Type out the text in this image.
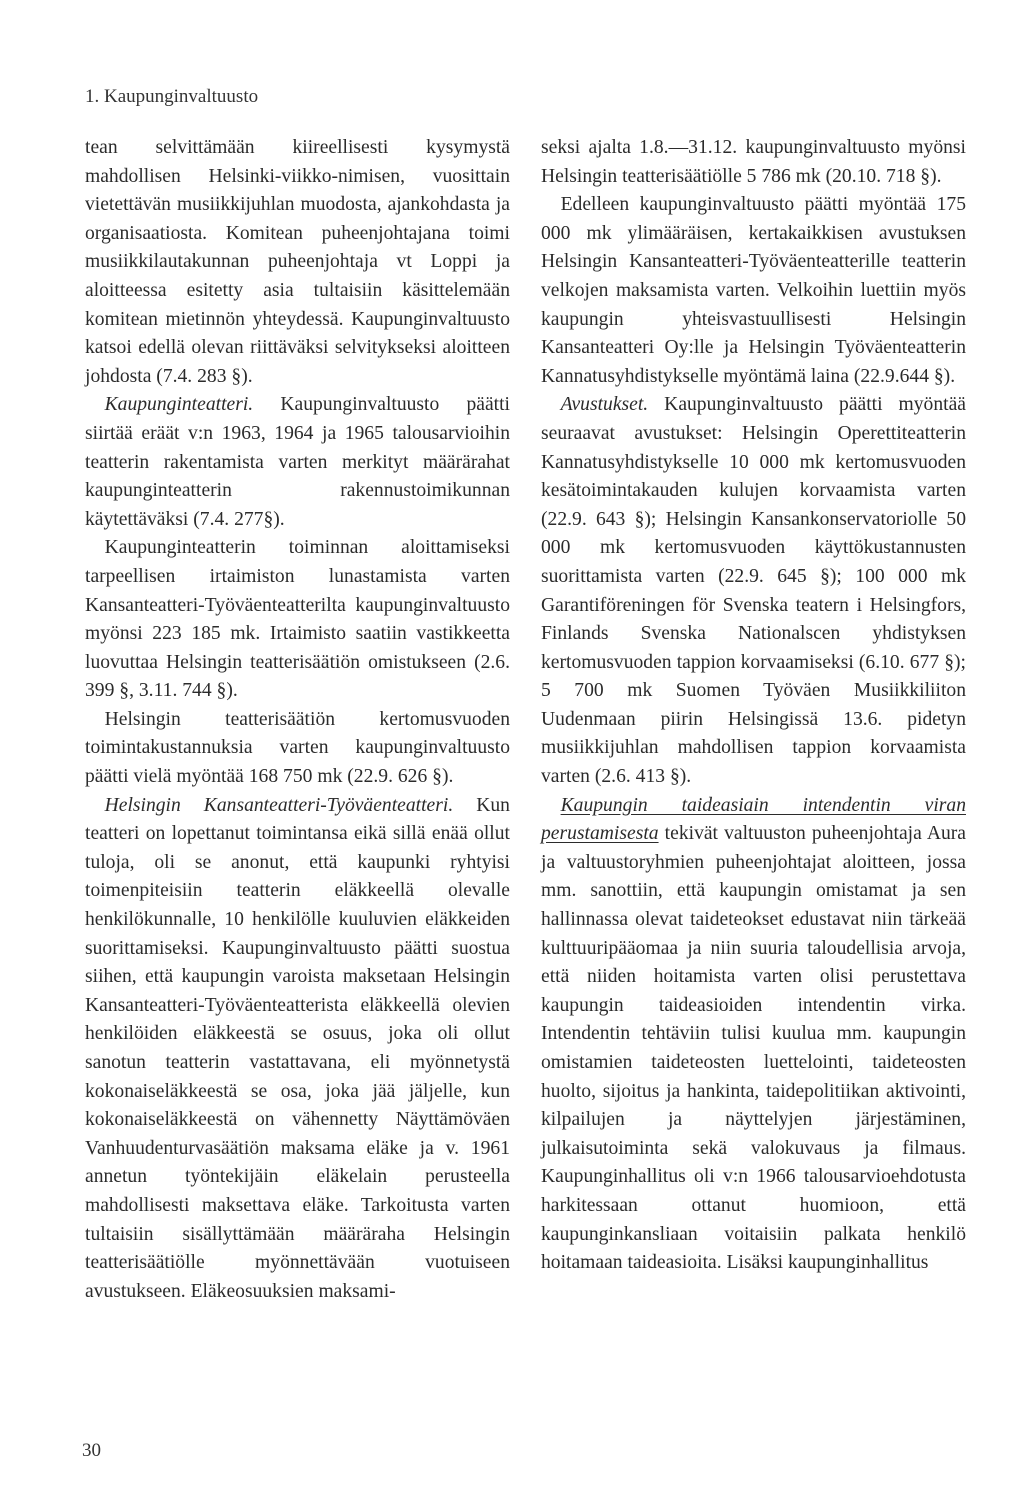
1. Kaupunginvaltuusto

tean selvittämään kiireellisesti kysymystä mahdollisen Helsinki-viikko-nimisen, vuosittain vietettävän musiikkijuhlan muodosta, ajankohdasta ja organisaatiosta. Komitean puheenjohtajana toimi musiikkilautakunnan puheenjohtaja vt Loppi ja aloitteessa esitetty asia tultaisiin käsittelemään komitean mietinnön yhteydessä. Kaupunginvaltuusto katsoi edellä olevan riittäväksi selvitykseksi aloitteen johdosta (7.4. 283 §).

Kaupunginteatteri. Kaupunginvaltuusto päätti siirtää eräät v:n 1963, 1964 ja 1965 talousarvioihin teatterin rakentamista varten merkityt määrärahat kaupunginteatterin rakennustoimikunnan käytettäväksi (7.4. 277§).

Kaupunginteatterin toiminnan aloittamiseksi tarpeellisen irtaimiston lunastamista varten Kansanteatteri-Työväenteatterilta kaupunginvaltuusto myönsi 223 185 mk. Irtaimisto saatiin vastikkeetta luovuttaa Helsingin teatterisäätiön omistukseen (2.6. 399 §, 3.11. 744 §).

Helsingin teatterisäätiön kertomusvuoden toimintakustannuksia varten kaupunginvaltuusto päätti vielä myöntää 168 750 mk (22.9. 626 §).

Helsingin Kansanteatteri-Työväenteatteri. Kun teatteri on lopettanut toimintansa eikä sillä enää ollut tuloja, oli se anonut, että kaupunki ryhtyisi toimenpiteisiin teatterin eläkkeellä olevalle henkilökunnalle, 10 henkilölle kuuluvien eläkkeiden suorittamiseksi. Kaupunginvaltuusto päätti suostua siihen, että kaupungin varoista maksetaan Helsingin Kansanteatteri-Työväenteatterista eläkkeellä olevien henkilöiden eläkkeestä se osuus, joka oli ollut sanotun teatterin vastattavana, eli myönnetystä kokonaiseläkkeestä se osa, joka jää jäljelle, kun kokonaiseläkkeestä on vähennetty Näyttämöväen Vanhuudenturvasäätiön maksama eläke ja v. 1961 annetun työntekijäin eläkelain perusteella mahdollisesti maksettava eläke. Tarkoitusta varten tultaisiin sisällyttämään määräraha Helsingin teatterisäätiölle myönnettävään vuotuiseen avustukseen. Eläkeosuuksien maksami-

seksi ajalta 1.8.—31.12. kaupunginvaltuusto myönsi Helsingin teatterisäätiölle 5 786 mk (20.10. 718 §).

Edelleen kaupunginvaltuusto päätti myöntää 175 000 mk ylimääräisen, kertakaikkisen avustuksen Helsingin Kansanteatteri-Työväenteatterille teatterin velkojen maksamista varten. Velkoihin luettiin myös kaupungin yhteisvastuullisesti Helsingin Kansanteatteri Oy:lle ja Helsingin Työväenteatterin Kannatusyhdistykselle myöntämä laina (22.9.644 §).

Avustukset. Kaupunginvaltuusto päätti myöntää seuraavat avustukset: Helsingin Operettiteatterin Kannatusyhdistykselle 10 000 mk kertomusvuoden kesätoimintakauden kulujen korvaamista varten (22.9. 643 §); Helsingin Kansankonservatoriolle 50 000 mk kertomusvuoden käyttökustannusten suorittamista varten (22.9. 645 §); 100 000 mk Garantiföreningen för Svenska teatern i Helsingfors, Finlands Svenska Nationalscen yhdistyksen kertomusvuoden tappion korvaamiseksi (6.10. 677 §); 5 700 mk Suomen Työväen Musiikkiliiton Uudenmaan piirin Helsingissä 13.6. pidetyn musiikkijuhlan mahdollisen tappion korvaamista varten (2.6. 413 §).

Kaupungin taideasiain intendentin viran perustamisesta tekivät valtuuston puheenjohtaja Aura ja valtuustoryhmien puheenjohtajat aloitteen, jossa mm. sanottiin, että kaupungin omistamat ja sen hallinnassa olevat taideteokset edustavat niin tärkeää kulttuuripääomaa ja niin suuria taloudellisia arvoja, että niiden hoitamista varten olisi perustettava kaupungin taideasioiden intendentin virka. Intendentin tehtäviin tulisi kuulua mm. kaupungin omistamien taideteosten luettelointi, taideteosten huolto, sijoitus ja hankinta, taidepolitiikan aktivointi, kilpailujen ja näyttelyjen järjestäminen, julkaisutoiminta sekä valokuvaus ja filmaus. Kaupunginhallitus oli v:n 1966 talousarvioehdotusta harkitessaan ottanut huomioon, että kaupunginkansliaan voitaisiin palkata henkilö hoitamaan taideasioita. Lisäksi kaupunginhallitus

30
